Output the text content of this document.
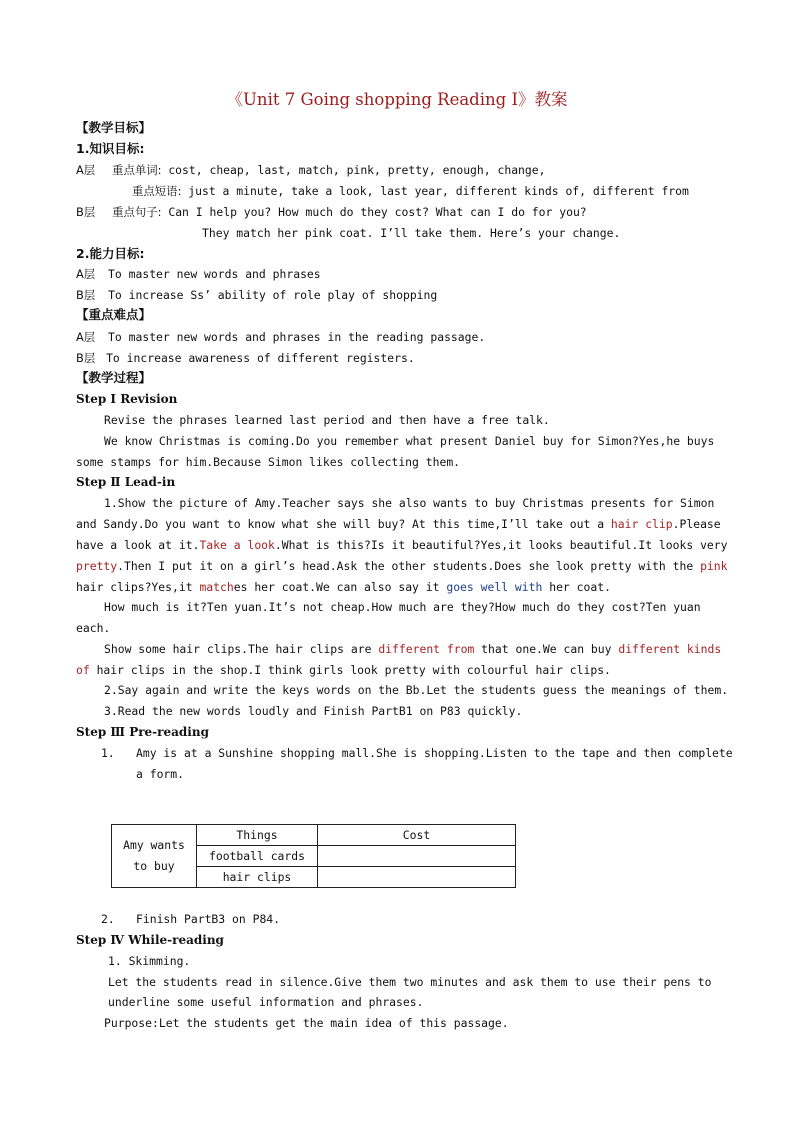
《Unit 7 Going shopping Reading I》教案
【教学目标】
1.知识目标:
A层 重点单词: cost, cheap, last, match, pink, pretty, enough, change,
重点短语: just a minute, take a look, last year, different kinds of, different from
B层 重点句子: Can I help you? How much do they cost? What can I do for you?
They match her pink coat. I’ll take them. Here’s your change.
2.能力目标:
A层 To master new words and phrases
B层 To increase Ss’ ability of role play of shopping
【重点难点】
A层 To master new words and phrases in the reading passage.
B层 To increase awareness of different registers.
【教学过程】
Step Ⅰ Revision
Revise the phrases learned last period and then have a free talk.
We know Christmas is coming.Do you remember what present Daniel buy for Simon?Yes,he buys
some stamps for him.Because Simon likes collecting them.
Step Ⅱ Lead-in
1.Show the picture of Amy.Teacher says she also wants to buy Christmas presents for Simon
and Sandy.Do you want to know what she will buy? At this time,I’ll take out a hair clip.Please
have a look at it.Take a look.What is this?Is it beautiful?Yes,it looks beautiful.It looks very
pretty.Then I put it on a girl’s head.Ask the other students.Does she look pretty with the pink
hair clips?Yes,it matches her coat.We can also say it goes well with her coat.
How much is it?Ten yuan.It’s not cheap.How much are they?How much do they cost?Ten yuan
each.
Show some hair clips.The hair clips are different from that one.We can buy different kinds
of hair clips in the shop.I think girls look pretty with colourful hair clips.
2.Say again and write the keys words on the Bb.Let the students guess the meanings of them.
3.Read the new words loudly and Finish PartB1 on P83 quickly.
Step Ⅲ Pre-reading
1. Amy is at a Sunshine shopping mall.She is shopping.Listen to the tape and then complete
a form.
Amy wants
to buy	Things	Cost
	football cards	
	hair clips	
2. Finish PartB3 on P84.
Step Ⅳ While-reading
1. Skimming.
Let the students read in silence.Give them two minutes and ask them to use their pens to
underline some useful information and phrases.
Purpose:Let the students get the main idea of this passage.
